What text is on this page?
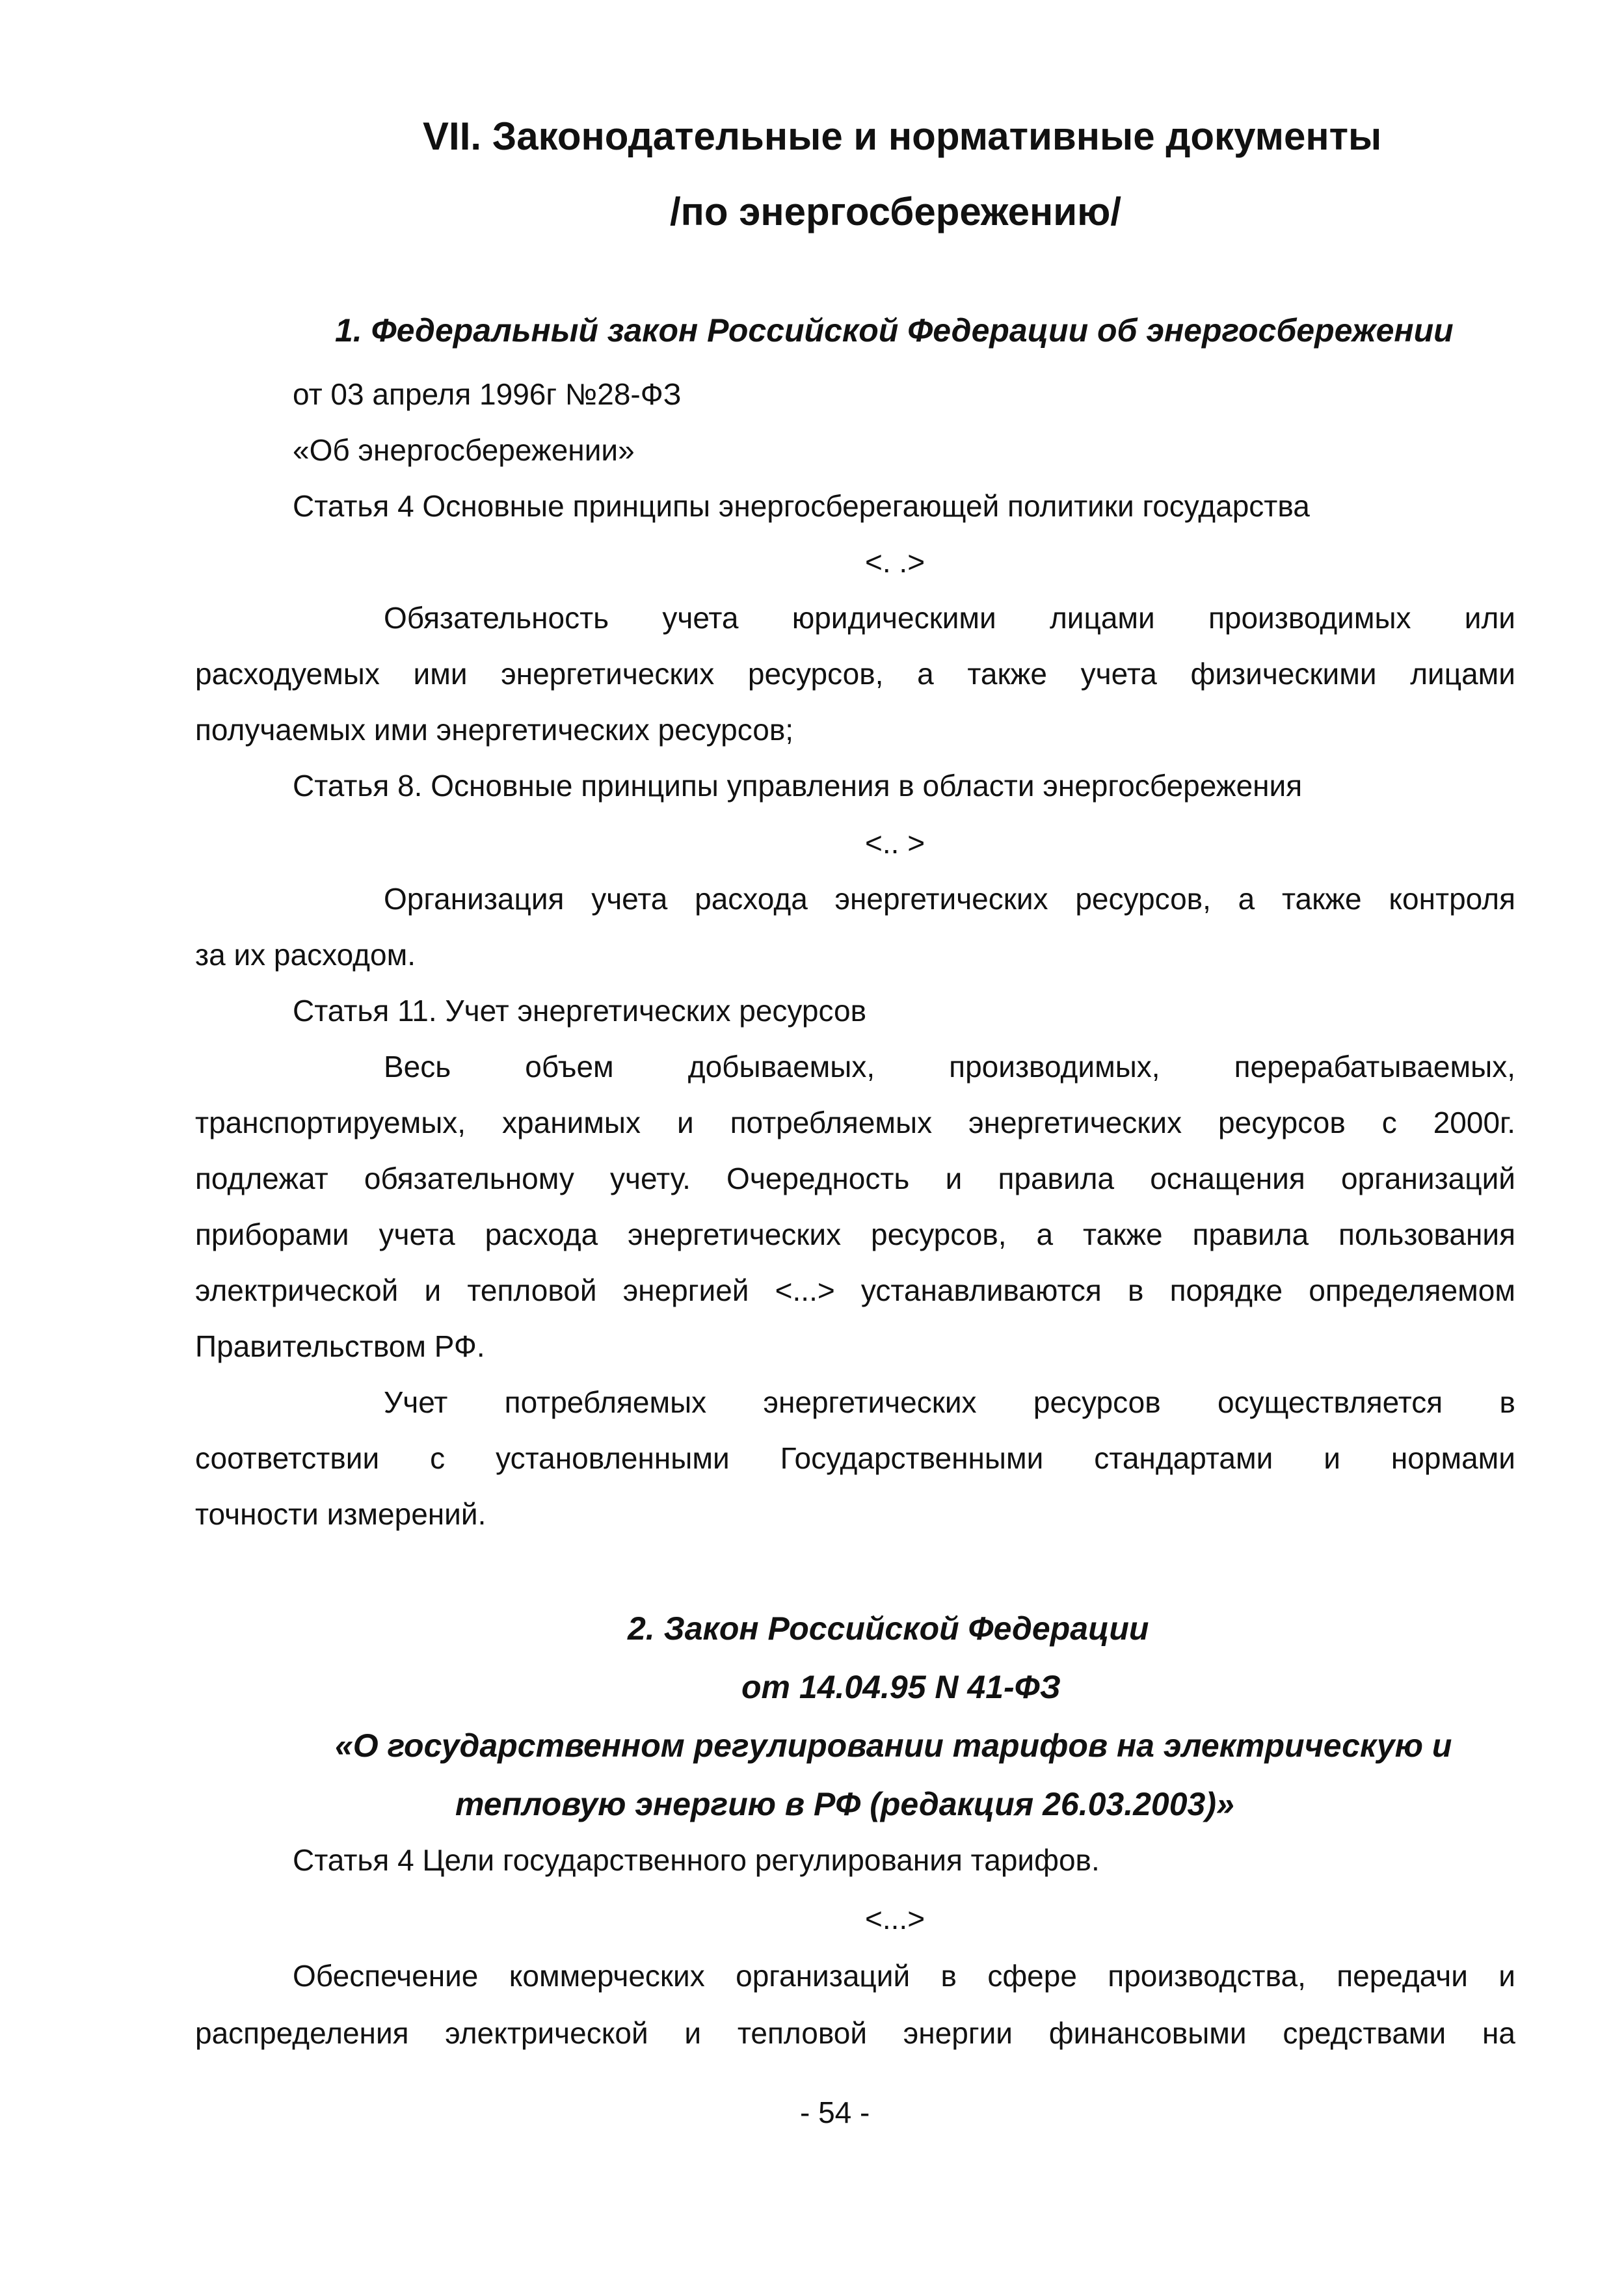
VII. Законодательные и нормативные документы
/по энергосбережению/
1. Федеральный закон Российской Федерации об энергосбережении
от 03 апреля 1996г №28-ФЗ
«Об энергосбережении»
Статья 4 Основные принципы энергосберегающей политики государства
<. .>
Обязательность учета юридическими лицами производимых или
расходуемых ими энергетических ресурсов, а также учета физическими лицами
получаемых ими энергетических ресурсов;
Статья 8. Основные принципы управления в области энергосбережения
<.. >
Организация учета расхода энергетических ресурсов, а также контроля
за их расходом.
Статья 11. Учет энергетических ресурсов
Весь объем добываемых, производимых, перерабатываемых,
транспортируемых, хранимых и потребляемых энергетических ресурсов с 2000г.
подлежат обязательному учету. Очередность и правила оснащения организаций
приборами учета расхода энергетических ресурсов, а также правила пользования
электрической и тепловой энергией <...> устанавливаются в порядке определяемом
Правительством РФ.
Учет потребляемых энергетических ресурсов осуществляется в
соответствии с установленными Государственными стандартами и нормами
точности измерений.
2. Закон Российской Федерации
от 14.04.95 N 41-ФЗ
«О государственном регулировании тарифов на электрическую и
тепловую энергию в РФ (редакция 26.03.2003)»
Статья 4 Цели государственного регулирования тарифов.
<...>
Обеспечение коммерческих организаций в сфере производства, передачи и
распределения электрической и тепловой энергии финансовыми средствами на
- 54 -
